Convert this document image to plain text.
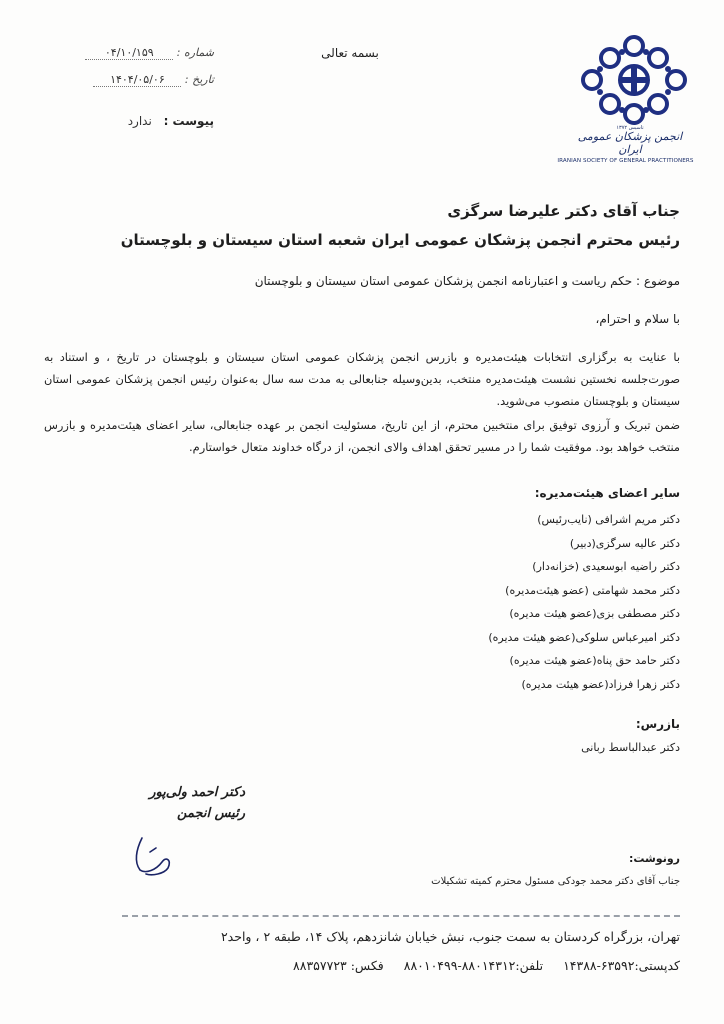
بسمه تعالی
شماره : ۰۴/۱۰/۱۵۹
تاریخ : ۱۴۰۴/۰۵/۰۶
پیوست : ندارد	تاسیس ۱۳۷۲
انجمن پزشکان عمومی ایران
IRANIAN SOCIETY OF GENERAL PRACTITIONERS
جناب آقای دکتر علیرضا سرگزی
رئیس محترم انجمن پزشکان عمومی ایران شعبه استان سیستان و بلوچستان
موضوع : حکم ریاست و اعتبارنامه انجمن پزشکان عمومی استان سیستان و بلوچستان
با سلام و احترام،
با عنایت به برگزاری انتخابات هیئت‌مدیره و بازرس انجمن پزشکان عمومی استان سیستان و بلوچستان در تاریخ ، و استناد به صورت‌جلسه نخستین نشست هیئت‌مدیره منتخب، بدین‌وسیله جنابعالی به مدت سه سال به‌عنوان رئیس انجمن پزشکان عمومی استان سیستان و بلوچستان منصوب می‌شوید.
ضمن تبریک و آرزوی توفیق برای منتخبین محترم، از این تاریخ، مسئولیت انجمن بر عهده جنابعالی، سایر اعضای هیئت‌مدیره و بازرس منتخب خواهد بود. موفقیت شما را در مسیر تحقق اهداف والای انجمن، از درگاه خداوند متعال خواستارم.
سایر اعضای هیئت‌مدیره:
دکتر مریم اشرافی (نایب‌رئیس)
دکتر عالیه سرگزی(دبیر)
دکتر راضیه ابوسعیدی (خزانه‌دار)
دکتر محمد شهامتی (عضو هیئت‌مدیره)
دکتر مصطفی بزی(عضو هیئت مدیره)
دکتر امیرعباس سلوکی(عضو هیئت مدیره)
دکتر حامد حق پناه(عضو هیئت مدیره)
دکتر زهرا فرزاد(عضو هیئت مدیره)
بازرس:
دکتر عبدالباسط ربانی
دکتر احمد ولی‌پور
رئیس انجمن
رونوشت:
جناب آقای دکتر محمد جودکی مسئول محترم کمیته تشکیلات
تهران، بزرگراه کردستان به سمت جنوب، نبش خیابان شانزدهم، پلاک ۱۴، طبقه ۲ ، واحد۲
کدپستی:۶۳۵۹۲-۱۴۳۸۸ تلفن:۸۸۰۱۴۳۱۲-۸۸۰۱۰۴۹۹ فکس: ۸۸۳۵۷۷۲۳
